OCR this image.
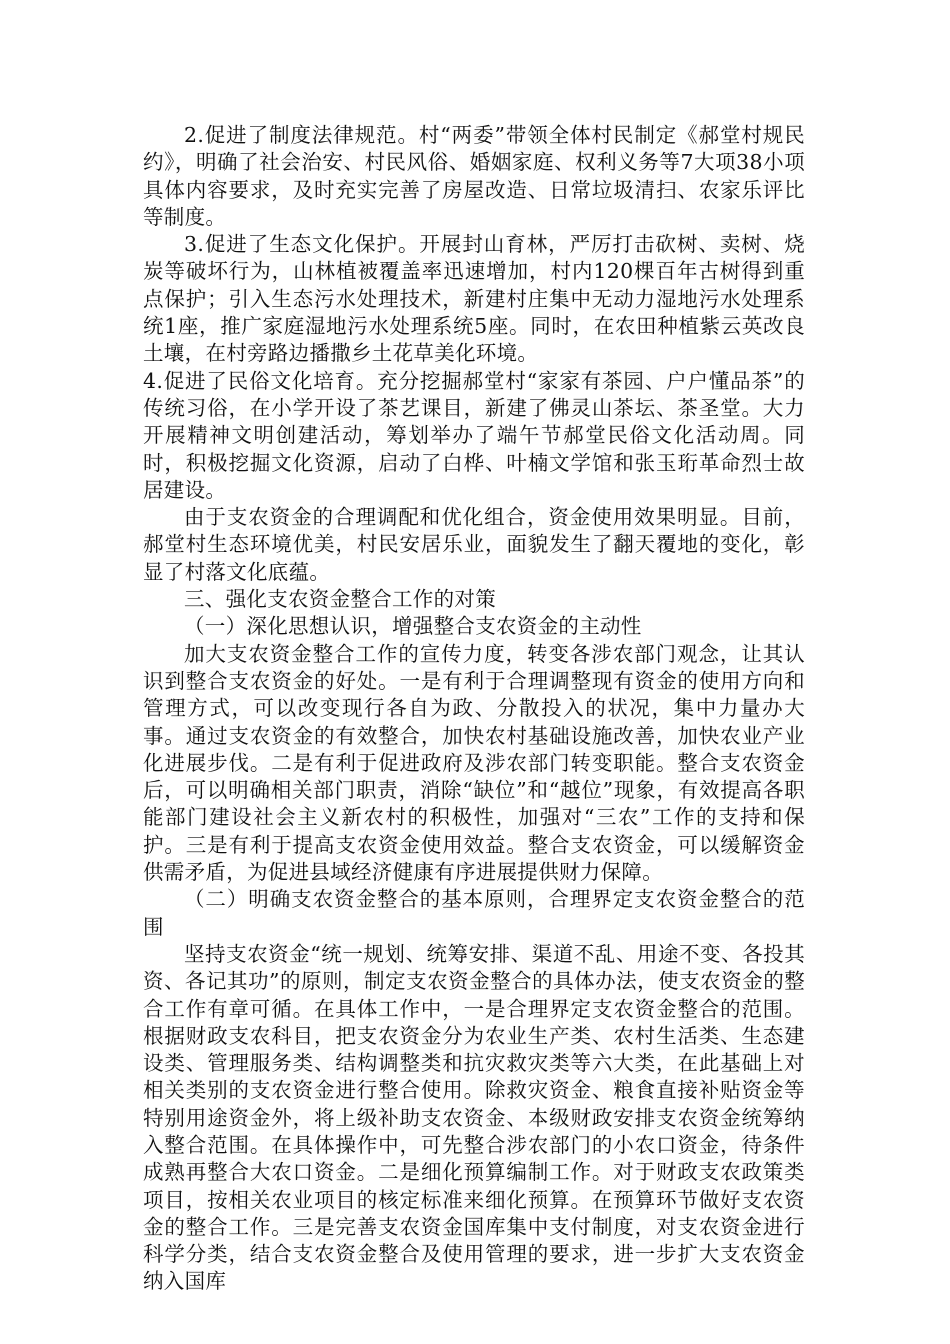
2.促进了制度法律规范。村“两委”带领全体村民制定《郝堂村规民约》，明确了社会治安、村民风俗、婚姻家庭、权利义务等7大项38小项具体内容要求，及时充实完善了房屋改造、日常垃圾清扫、农家乐评比等制度。

3.促进了生态文化保护。开展封山育林，严厉打击砍树、卖树、烧炭等破坏行为，山林植被覆盖率迅速增加，村内120棵百年古树得到重点保护；引入生态污水处理技术，新建村庄集中无动力湿地污水处理系统1座，推广家庭湿地污水处理系统5座。同时，在农田种植紫云英改良土壤，在村旁路边播撒乡土花草美化环境。

4.促进了民俗文化培育。充分挖掘郝堂村“家家有茶园、户户懂品茶”的传统习俗，在小学开设了茶艺课目，新建了佛灵山茶坛、茶圣堂。大力开展精神文明创建活动，筹划举办了端午节郝堂民俗文化活动周。同时，积极挖掘文化资源，启动了白桦、叶楠文学馆和张玉珩革命烈士故居建设。

由于支农资金的合理调配和优化组合，资金使用效果明显。目前，郝堂村生态环境优美，村民安居乐业，面貌发生了翻天覆地的变化，彰显了村落文化底蕴。

三、强化支农资金整合工作的对策

（一）深化思想认识，增强整合支农资金的主动性

加大支农资金整合工作的宣传力度，转变各涉农部门观念，让其认识到整合支农资金的好处。一是有利于合理调整现有资金的使用方向和管理方式，可以改变现行各自为政、分散投入的状况，集中力量办大事。通过支农资金的有效整合，加快农村基础设施改善，加快农业产业化进展步伐。二是有利于促进政府及涉农部门转变职能。整合支农资金后，可以明确相关部门职责，消除“缺位”和“越位”现象，有效提高各职能部门建设社会主义新农村的积极性，加强对“三农”工作的支持和保护。三是有利于提高支农资金使用效益。整合支农资金，可以缓解资金供需矛盾，为促进县域经济健康有序进展提供财力保障。

（二）明确支农资金整合的基本原则，合理界定支农资金整合的范围

坚持支农资金“统一规划、统筹安排、渠道不乱、用途不变、各投其资、各记其功”的原则，制定支农资金整合的具体办法，使支农资金的整合工作有章可循。在具体工作中，一是合理界定支农资金整合的范围。根据财政支农科目，把支农资金分为农业生产类、农村生活类、生态建设类、管理服务类、结构调整类和抗灾救灾类等六大类，在此基础上对相关类别的支农资金进行整合使用。除救灾资金、粮食直接补贴资金等特别用途资金外，将上级补助支农资金、本级财政安排支农资金统筹纳入整合范围。在具体操作中，可先整合涉农部门的小农口资金，待条件成熟再整合大农口资金。二是细化预算编制工作。对于财政支农政策类项目，按相关农业项目的核定标准来细化预算。在预算环节做好支农资金的整合工作。三是完善支农资金国库集中支付制度，对支农资金进行科学分类，结合支农资金整合及使用管理的要求，进一步扩大支农资金纳入国库
